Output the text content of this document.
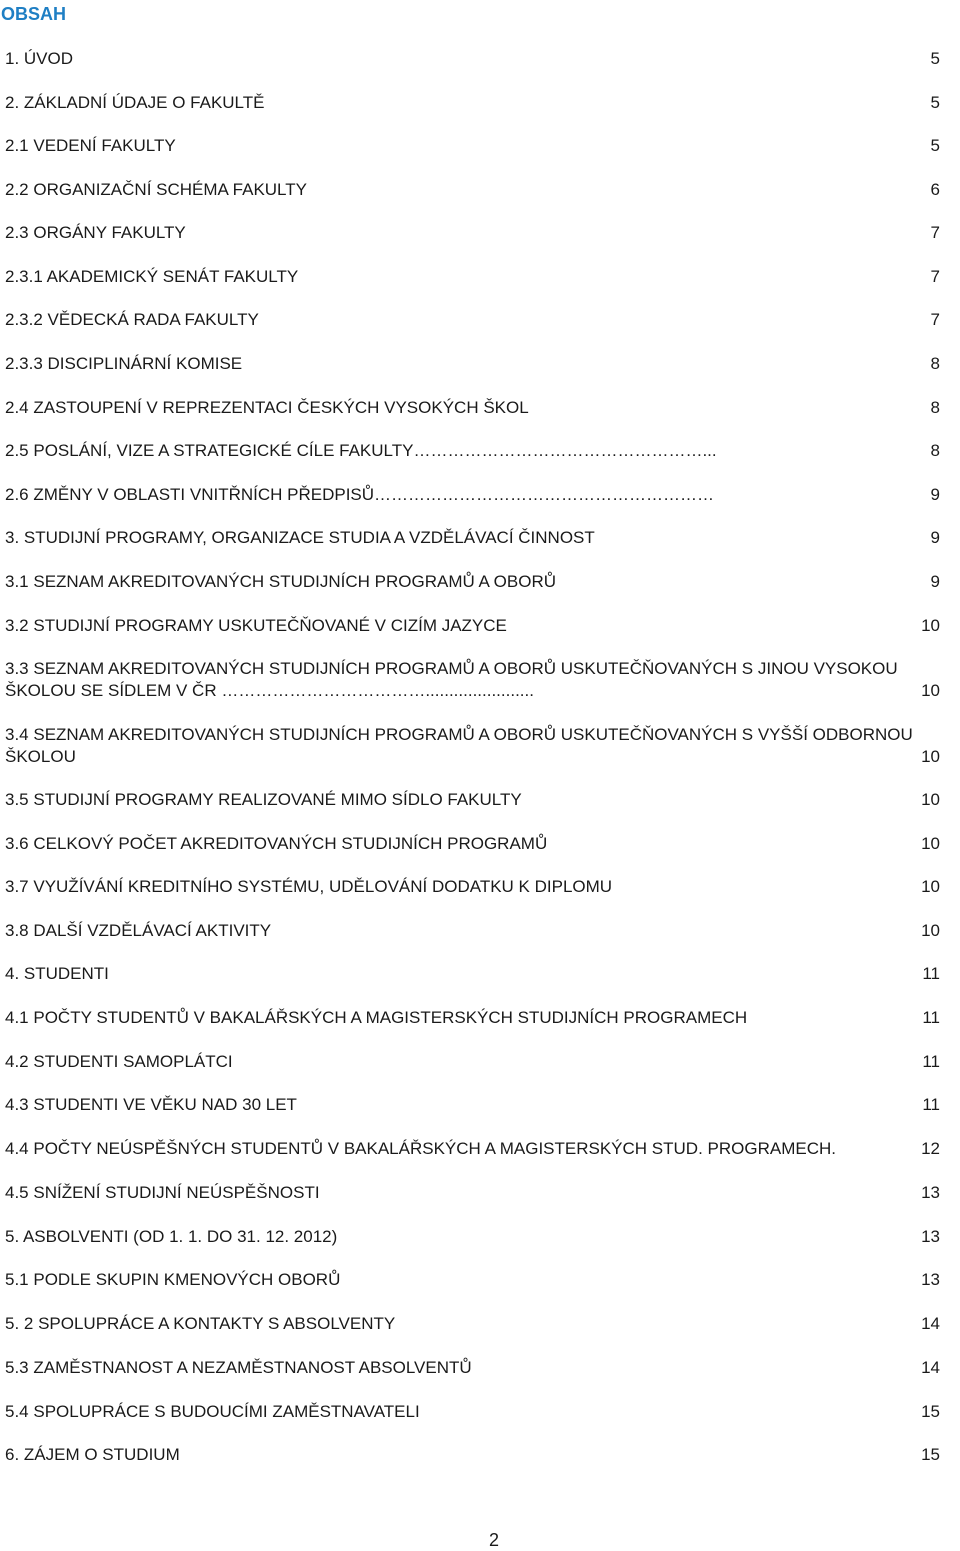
OBSAH
1. ÚVOD	5
2. ZÁKLADNÍ ÚDAJE O FAKULTĚ	5
2.1 VEDENÍ FAKULTY	5
2.2 ORGANIZAČNÍ SCHÉMA FAKULTY	6
2.3 ORGÁNY FAKULTY	7
2.3.1 AKADEMICKÝ SENÁT FAKULTY	7
2.3.2 VĚDECKÁ RADA FAKULTY	7
2.3.3 DISCIPLINÁRNÍ KOMISE	8
2.4 ZASTOUPENÍ V REPREZENTACI ČESKÝCH VYSOKÝCH ŠKOL	8
2.5 POSLÁNÍ, VIZE A STRATEGICKÉ CÍLE FAKULTY……………………………………………...	8
2.6 ZMĚNY V OBLASTI VNITŘNÍCH PŘEDPISŮ……………………………………………………	9
3. STUDIJNÍ PROGRAMY, ORGANIZACE STUDIA A VZDĚLÁVACÍ ČINNOST	9
3.1 SEZNAM AKREDITOVANÝCH STUDIJNÍCH PROGRAMŮ A OBORŮ	9
3.2 STUDIJNÍ PROGRAMY USKUTEČŇOVANÉ V CIZÍM JAZYCE	10
3.3 SEZNAM AKREDITOVANÝCH STUDIJNÍCH PROGRAMŮ A OBORŮ USKUTEČŇOVANÝCH S JINOU VYSOKOU ŠKOLOU SE SÍDLEM V ČR ……………………………….......................	10
3.4 SEZNAM AKREDITOVANÝCH STUDIJNÍCH PROGRAMŮ A OBORŮ USKUTEČŇOVANÝCH S VYŠŠÍ ODBORNOU ŠKOLOU	10
3.5 STUDIJNÍ PROGRAMY REALIZOVANÉ MIMO SÍDLO FAKULTY	10
3.6 CELKOVÝ POČET AKREDITOVANÝCH STUDIJNÍCH PROGRAMŮ	10
3.7 VYUŽÍVÁNÍ KREDITNÍHO SYSTÉMU, UDĚLOVÁNÍ DODATKU K DIPLOMU	10
3.8 DALŠÍ VZDĚLÁVACÍ AKTIVITY	10
4. STUDENTI	11
4.1 POČTY STUDENTŮ V BAKALÁŘSKÝCH A MAGISTERSKÝCH STUDIJNÍCH PROGRAMECH	11
4.2 STUDENTI SAMOPLÁTCI	11
4.3 STUDENTI VE VĚKU NAD 30 LET	11
4.4 POČTY NEÚSPĚŠNÝCH STUDENTŮ V BAKALÁŘSKÝCH A MAGISTERSKÝCH STUD. PROGRAMECH.	12
4.5 SNÍŽENÍ STUDIJNÍ NEÚSPĚŠNOSTI	13
5. ASBOLVENTI (OD 1. 1. DO 31. 12. 2012)	13
5.1 PODLE SKUPIN KMENOVÝCH OBORŮ	13
5. 2 SPOLUPRÁCE A KONTAKTY S ABSOLVENTY	14
5.3 ZAMĚSTNANOST A NEZAMĚSTNANOST ABSOLVENTŮ	14
5.4 SPOLUPRÁCE S BUDOUCÍMI ZAMĚSTNAVATELI	15
6. ZÁJEM O STUDIUM	15
2
